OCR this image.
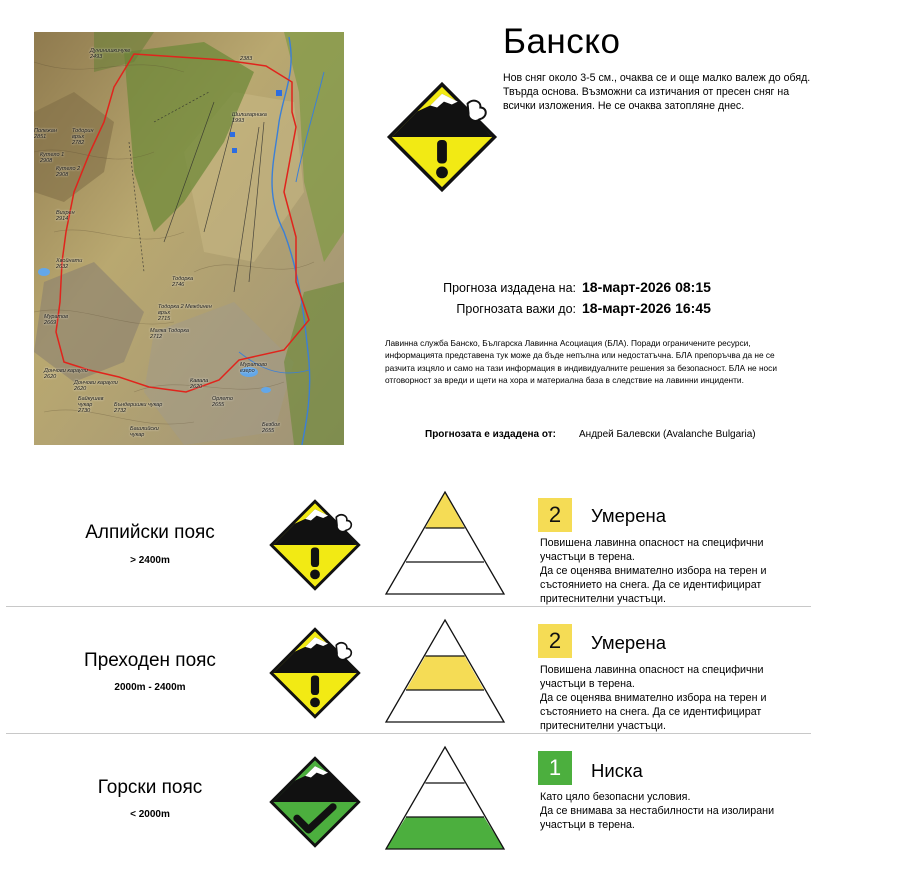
Дунинишкичуке
2493	2383
Шилигарника
1993
Полежан
2851
Тодорин
връх
2782
Кутело 1
2908
Кутело 2
2908
Вихрен
2914
Хвойнати
2632
Тодорка
2746
Тодорка 2 Междинен
връх
2715
Малка Тодорка
2712
Муратов
2669
Дончови караули
2620
Дончови караули
2620
Байкушев
чукар
2730
Бъндеришки чукар
2732
Кавала
2620
Орлето
2655
Башлийски
чукар
Муратово
езеро
Безбог
2655
Банско
Нов сняг около 3-5 см., очаква се и още малко валеж до обяд. Твърда основа. Възможни са изтичания от пресен сняг на всички изложения. Не се очаква затопляне днес.
Прогноза издадена на: 18-март-2026 08:15
Прогнозата важи до: 18-март-2026 16:45
Лавинна служба Банско, Българска Лавинна Асоциация (БЛА). Поради ограничените ресурси, информацията представена тук може да бъде непълна или недостатъчна. БЛА препоръчва да не се разчита изцяло и само на тази информация в индивидуалните решения за безопасност. БЛА не носи отговорност за вреди и щети на хора и материална база в следствие на лавинни инциденти.
Прогнозата е издадена от: Андрей Балевски (Avalanche Bulgaria)
Алпийски пояс
> 2400m
2	Умерена
Повишена лавинна опасност на специфични участъци в терена.
Да се оценява внимателно избора на терен и състоянието на снега. Да се идентифицират притеснителни участъци.
Преходен пояс
2000m - 2400m
2	Умерена
Повишена лавинна опасност на специфични участъци в терена.
Да се оценява внимателно избора на терен и състоянието на снега. Да се идентифицират притеснителни участъци.
Горски пояс
< 2000m
1	Ниска
Като цяло безопасни условия.
Да се внимава за нестабилности на изолирани участъци в терена.
